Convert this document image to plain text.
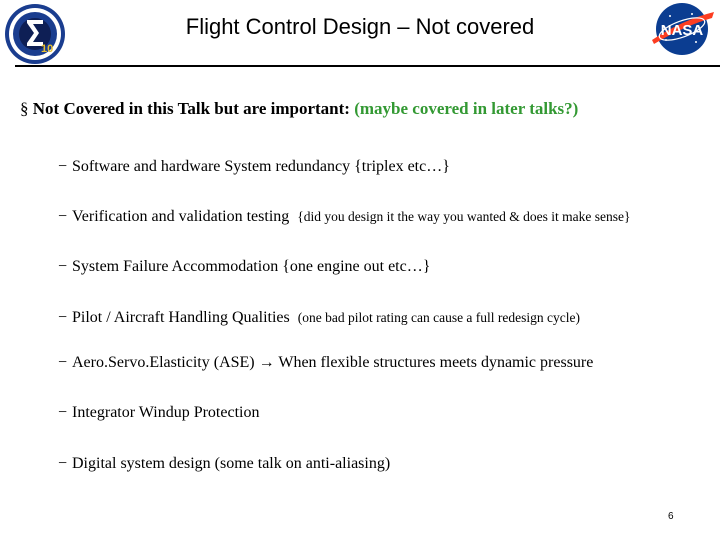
10
Flight Control Design – Not covered	NASA
§ Not Covered in this Talk but are important: (maybe covered in later talks?)
− Software and hardware System redundancy {triplex etc…}
− Verification and validation testing {did you design it the way you wanted & does it make sense}
− System Failure Accommodation {one engine out etc…}
− Pilot / Aircraft Handling Qualities (one bad pilot rating can cause a full redesign cycle)
− Aero.Servo.Elasticity (ASE) → When flexible structures meets dynamic pressure
− Integrator Windup Protection
− Digital system design (some talk on anti-aliasing)
6
